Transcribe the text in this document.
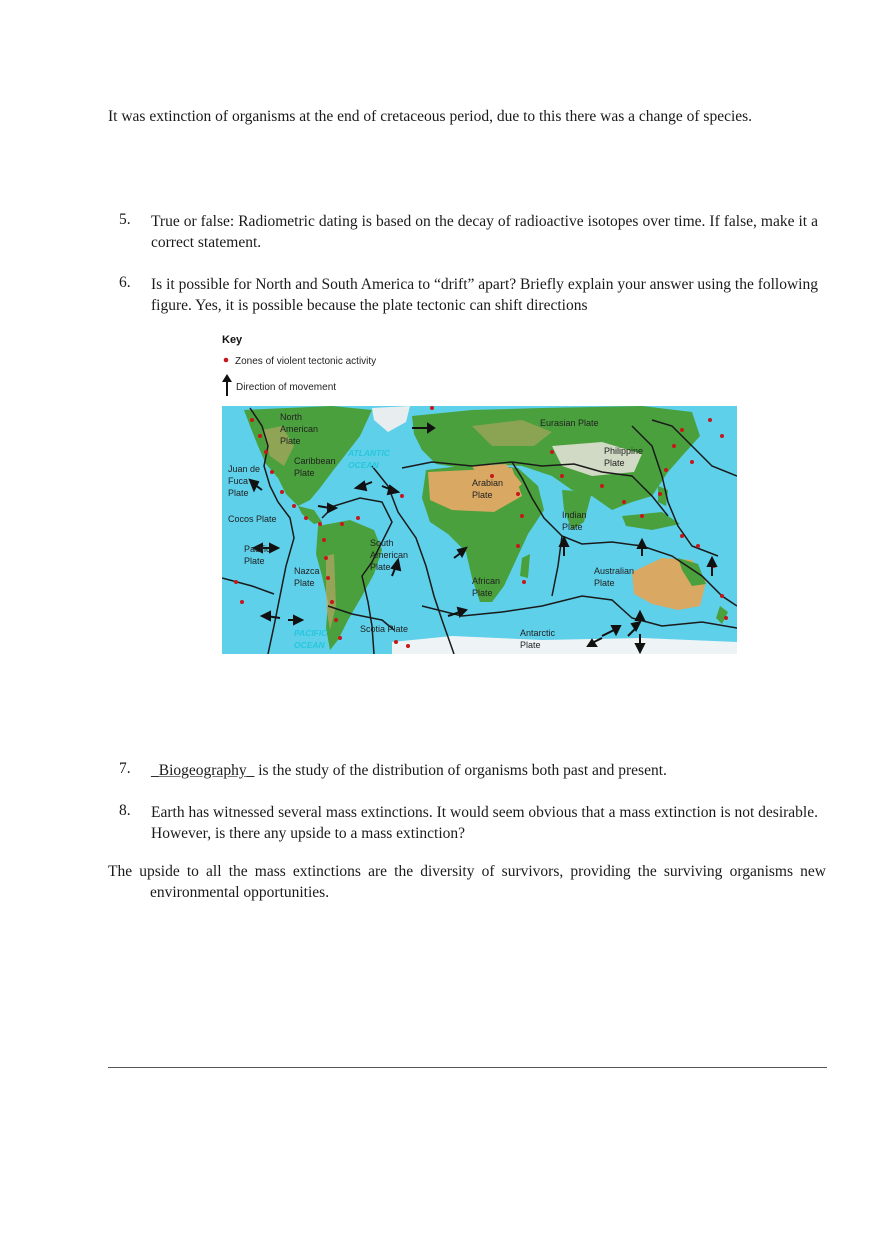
It was extinction of organisms at the end of cretaceous period, due to this there was a change of species.

5. True or false: Radiometric dating is based on the decay of radioactive isotopes over time. If false, make it a correct statement.
6. Is it possible for North and South America to “drift” apart? Briefly explain your answer using the following figure. Yes, it is possible because the plate tectonic can shift directions
Key
Zones of violent tectonic activity
Direction of movement
North
American
Plate
Eurasian Plate
Caribbean
Plate
Juan de
Fuca
Plate
Philippine
Plate
Arabian
Plate
Cocos Plate	Indian
Plate
Pacific
Plate
South
American
Plate
Nazca
Plate	African
Plate
Australian
Plate
Scotia Plate	Antarctic
Plate
ATLANTIC
OCEAN
PACIFIC
OCEAN
7. _Biogeography_ is the study of the distribution of organisms both past and present.
8. Earth has witnessed several mass extinctions. It would seem obvious that a mass extinction is not desirable. However, is there any upside to a mass extinction?

The upside to all the mass extinctions are the diversity of survivors, providing the surviving organisms new environmental opportunities.
